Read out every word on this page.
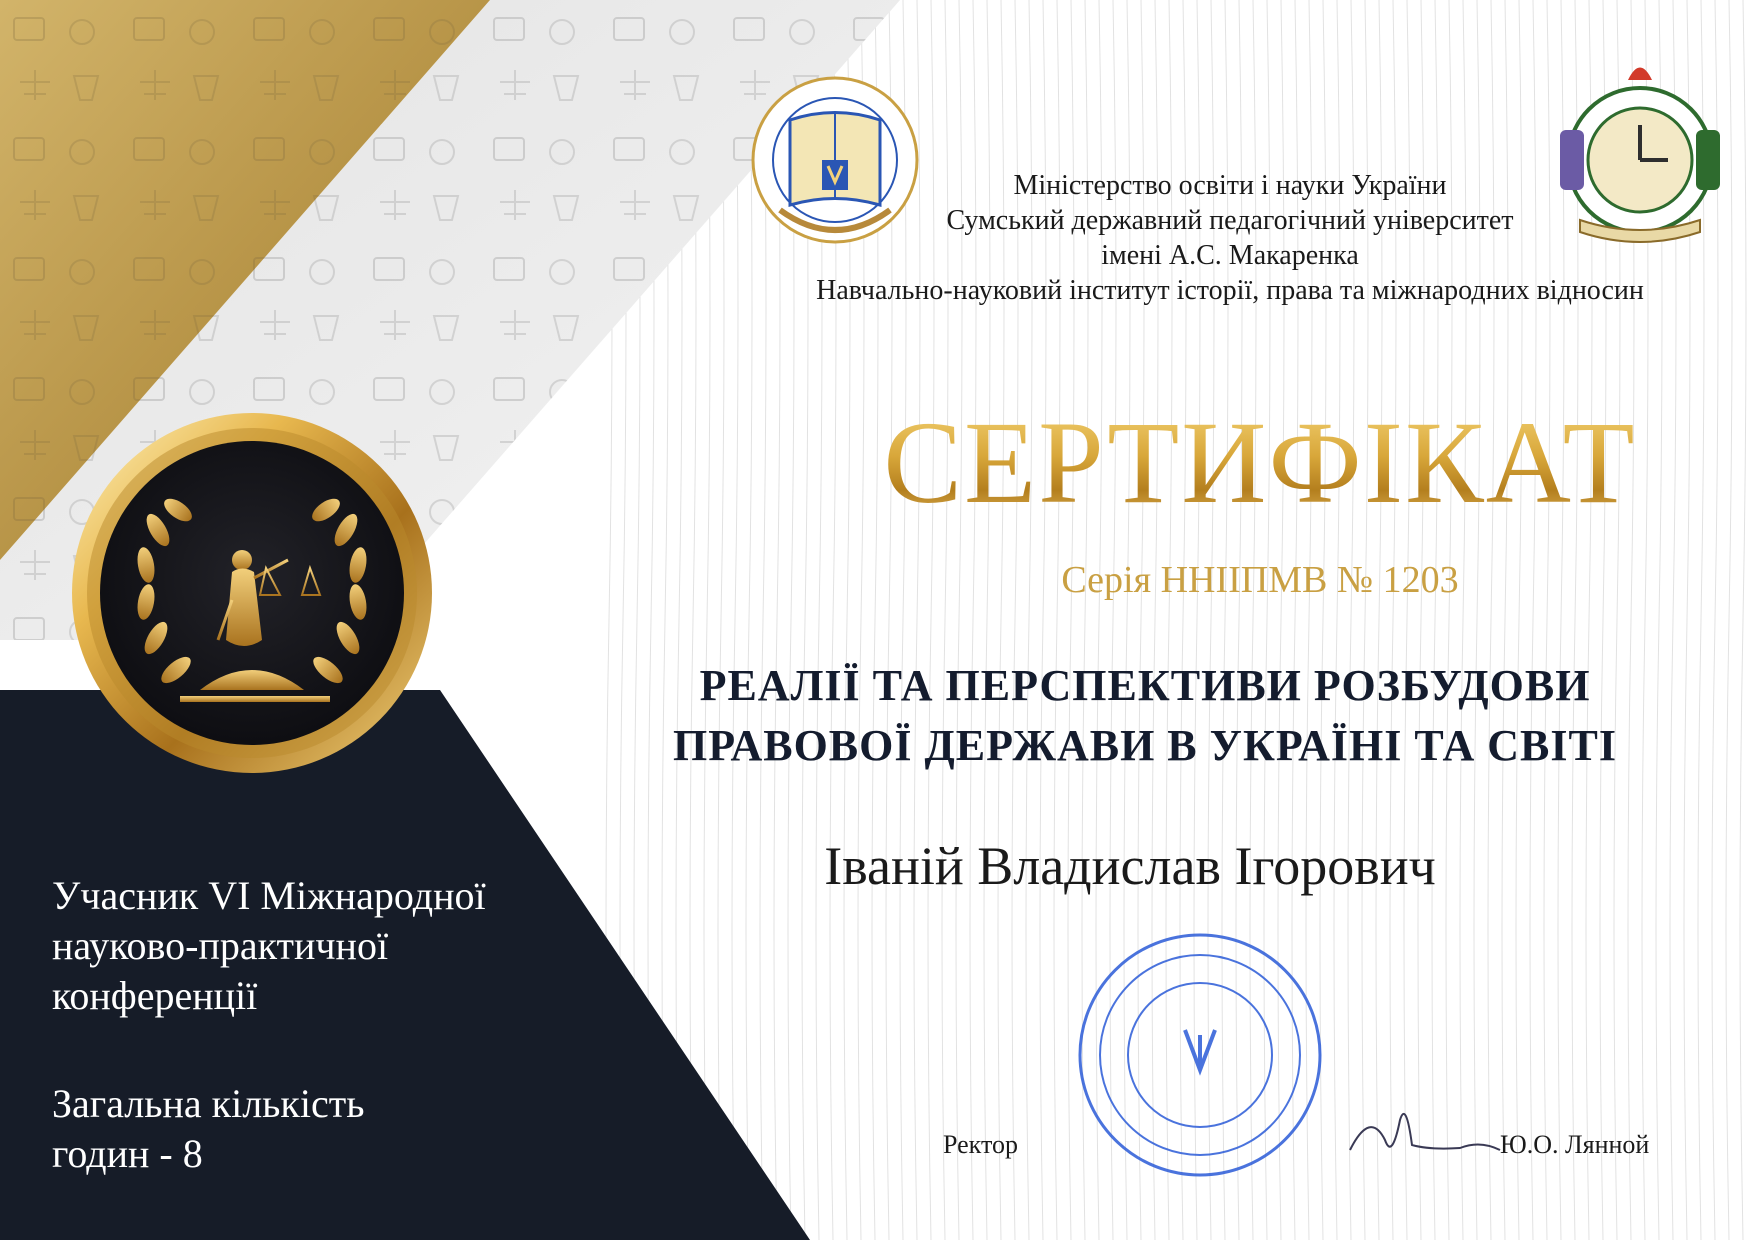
Міністерство освіти і науки України

Сумський державний педагогічний університет

імені А.С. Макаренка

Навчально-науковий інститут історії, права та міжнародних відносин

СЕРТИФІКАТ

Серія ННІІПМВ № 1203

РЕАЛІЇ ТА ПЕРСПЕКТИВИ РОЗБУДОВИ

ПРАВОВОЇ ДЕРЖАВИ В УКРАЇНІ ТА СВІТІ

Іваній Владислав Ігорович

Учасник VI Міжнародної

науково-практичної

конференції

Загальна кількість

годин - 8	Ректор	Ю.О. Лянной
